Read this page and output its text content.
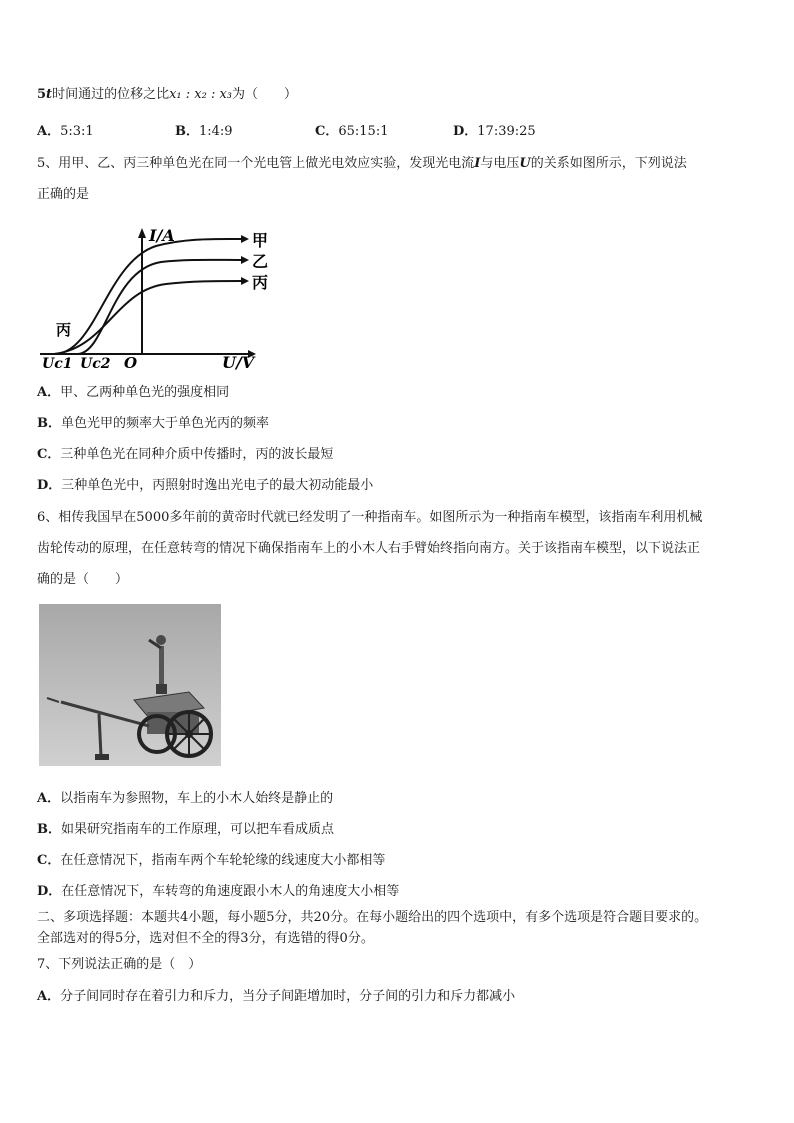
5t时间通过的位移之比x₁ : x₂ : x₃为（　　）
A．5:3:1	B．1:4:9	C．65:15:1	D．17:39:25
5、用甲、乙、丙三种单色光在同一个光电管上做光电效应实验，发现光电流I与电压U的关系如图所示，下列说法
正确的是
I/A	甲
乙
丙
丙
Uc1 Uc2 O	U/V
A．甲、乙两种单色光的强度相同
B．单色光甲的频率大于单色光丙的频率
C．三种单色光在同种介质中传播时，丙的波长最短
D．三种单色光中，丙照射时逸出光电子的最大初动能最小
6、相传我国早在5000多年前的黄帝时代就已经发明了一种指南车。如图所示为一种指南车模型，该指南车利用机械
齿轮传动的原理，在任意转弯的情况下确保指南车上的小木人右手臂始终指向南方。关于该指南车模型，以下说法正
确的是（　　）
A．以指南车为参照物，车上的小木人始终是静止的
B．如果研究指南车的工作原理，可以把车看成质点
C．在任意情况下，指南车两个车轮轮缘的线速度大小都相等
D．在任意情况下，车转弯的角速度跟小木人的角速度大小相等
二、多项选择题：本题共4小题，每小题5分，共20分。在每小题给出的四个选项中，有多个选项是符合题目要求的。
全部选对的得5分，选对但不全的得3分，有选错的得0分。
7、下列说法正确的是（　）
A．分子间同时存在着引力和斥力，当分子间距增加时，分子间的引力和斥力都减小
